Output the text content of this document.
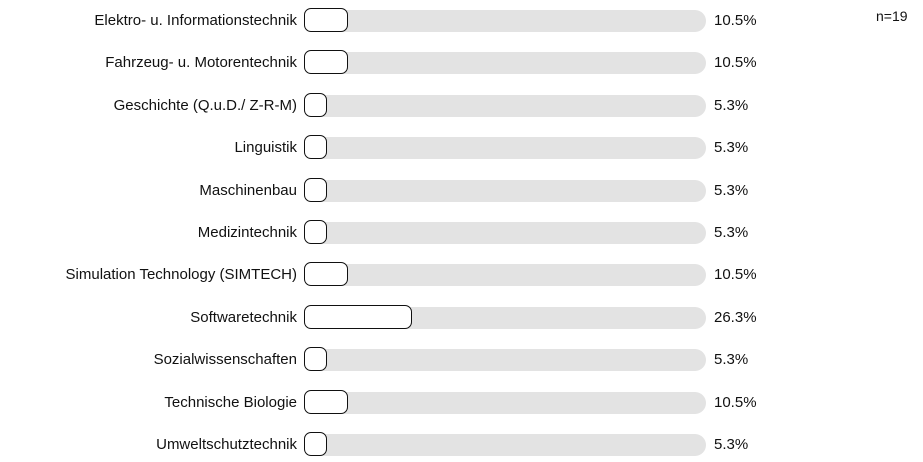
n=19
Elektro- u. Informationstechnik	10.5%
Fahrzeug- u. Motorentechnik	10.5%
Geschichte (Q.u.D./ Z-R-M)	5.3%
Linguistik	5.3%
Maschinenbau	5.3%
Medizintechnik	5.3%
Simulation Technology (SIMTECH)	10.5%
Softwaretechnik	26.3%
Sozialwissenschaften	5.3%
Technische Biologie	10.5%
Umweltschutztechnik	5.3%
